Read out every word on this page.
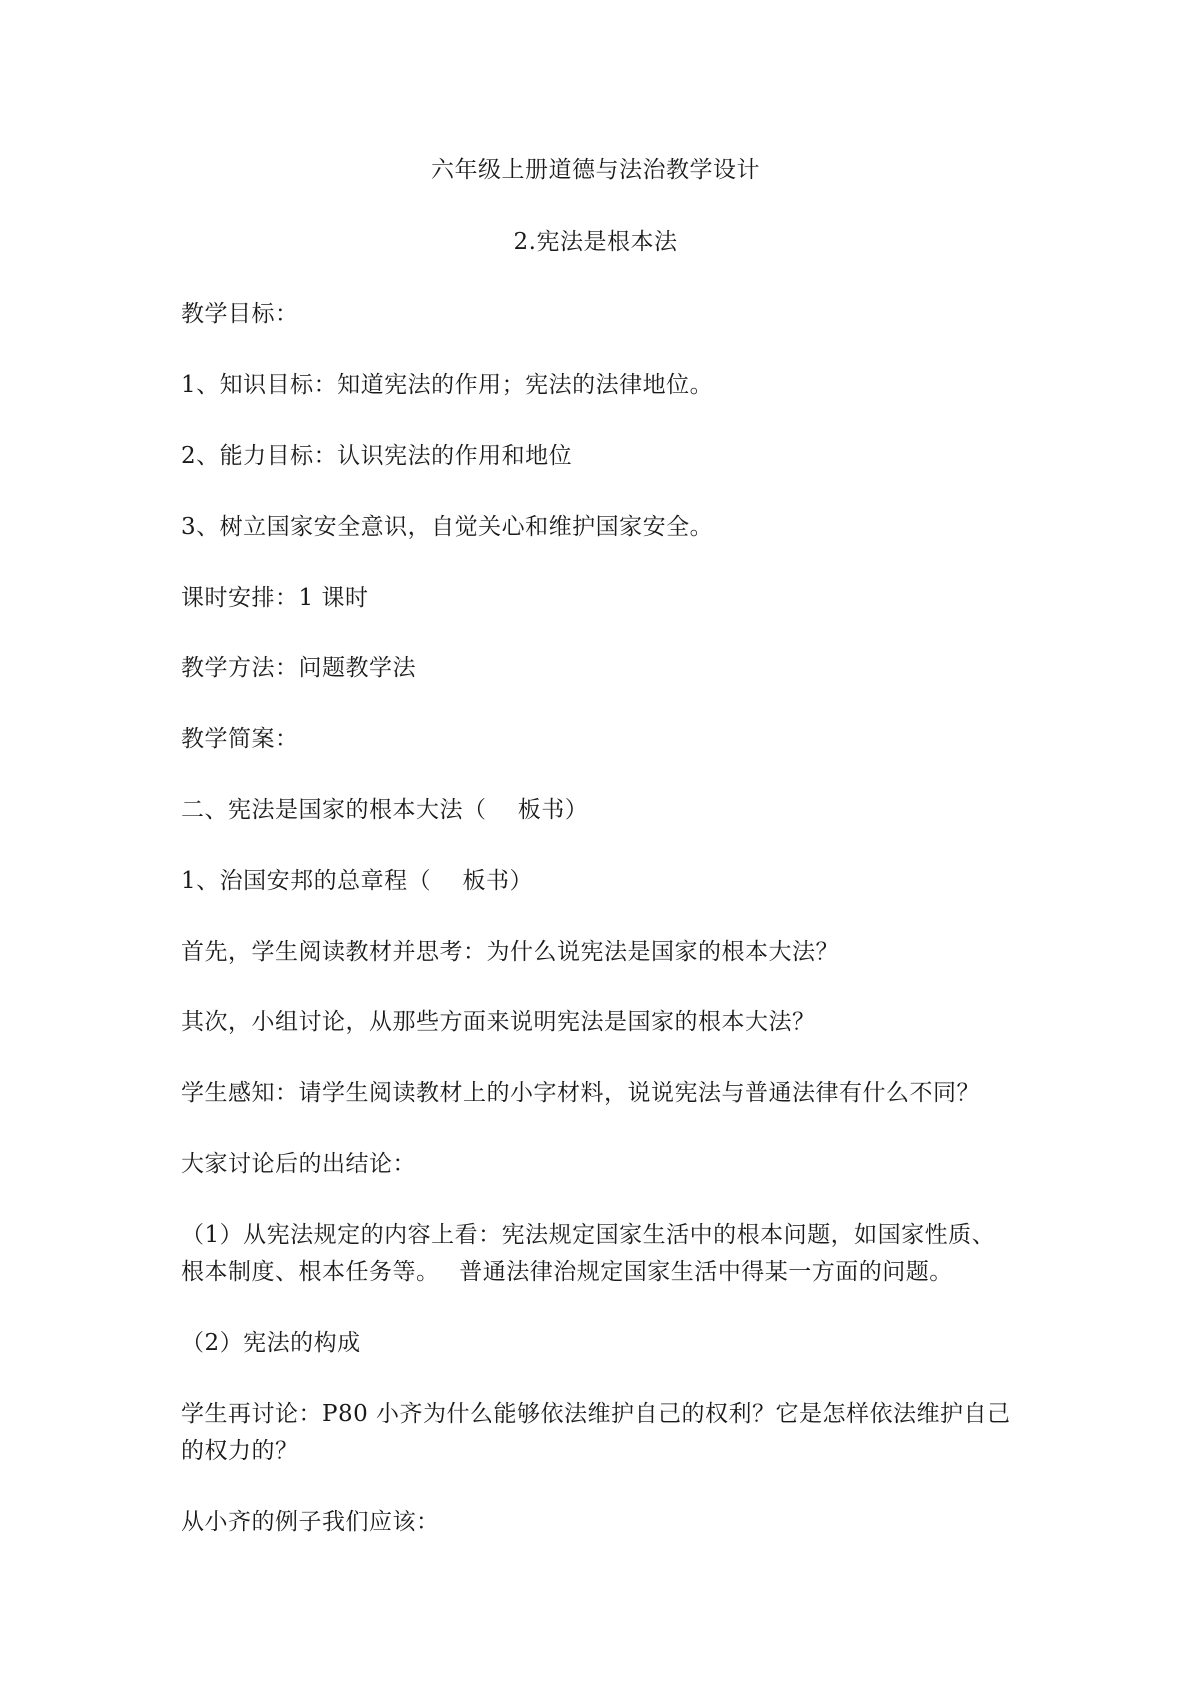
六年级上册道德与法治教学设计
2.宪法是根本法
教学目标：
1、知识目标：知道宪法的作用；宪法的法律地位。
2、能力目标：认识宪法的作用和地位
3、树立国家安全意识，自觉关心和维护国家安全。
课时安排：1 课时
教学方法：问题教学法
教学简案：
二、宪法是国家的根本大法（　 板书）
1、治国安邦的总章程（　 板书）
首先，学生阅读教材并思考：为什么说宪法是国家的根本大法？
其次，小组讨论，从那些方面来说明宪法是国家的根本大法？
学生感知：请学生阅读教材上的小字材料，说说宪法与普通法律有什么不同？
大家讨论后的出结论：
（1）从宪法规定的内容上看：宪法规定国家生活中的根本问题，如国家性质、
根本制度、根本任务等。　 普通法律治规定国家生活中得某一方面的问题。
（2）宪法的构成
学生再讨论：P80 小齐为什么能够依法维护自己的权利？它是怎样依法维护自己
的权力的？
从小齐的例子我们应该：
